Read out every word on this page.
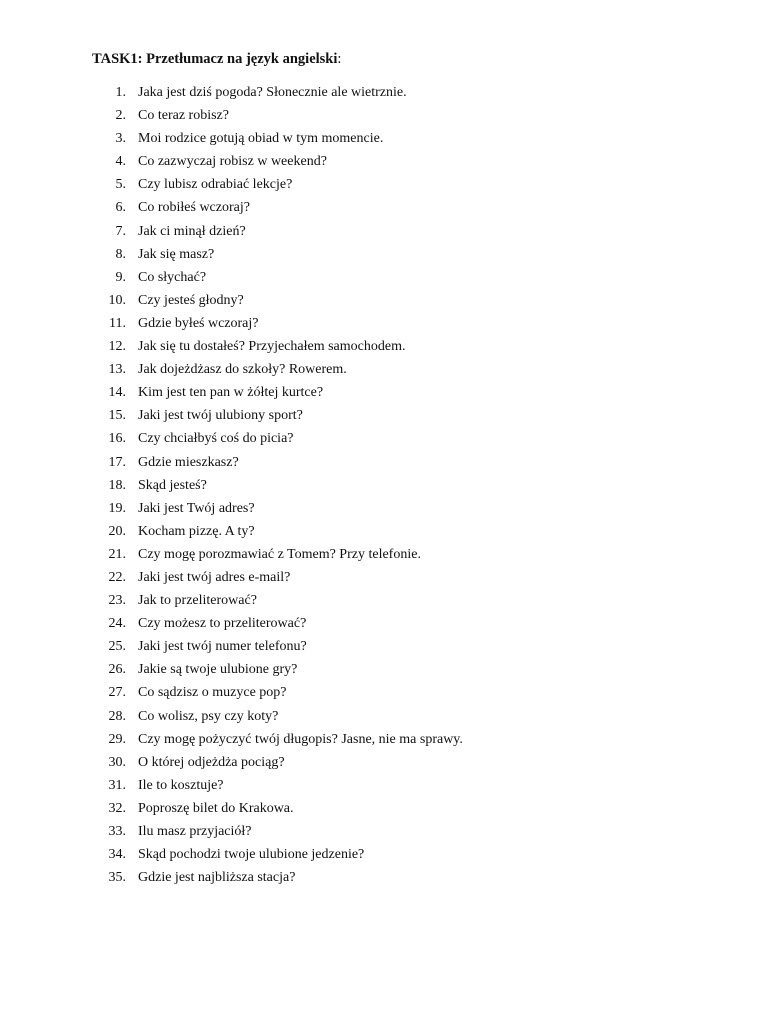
TASK1: Przetłumacz na język angielski:
1. Jaka jest dziś pogoda? Słonecznie ale wietrznie.
2. Co teraz robisz?
3. Moi rodzice gotują obiad w tym momencie.
4. Co zazwyczaj robisz w weekend?
5. Czy lubisz odrabiać lekcje?
6. Co robiłeś wczoraj?
7. Jak ci minął dzień?
8. Jak się masz?
9. Co słychać?
10. Czy jesteś głodny?
11. Gdzie byłeś wczoraj?
12. Jak się tu dostałeś? Przyjechałem samochodem.
13. Jak dojeżdżasz do szkoły? Rowerem.
14. Kim jest ten pan w żółtej kurtce?
15. Jaki jest twój ulubiony sport?
16. Czy chciałbyś coś do picia?
17. Gdzie mieszkasz?
18. Skąd jesteś?
19. Jaki jest Twój adres?
20. Kocham pizzę. A ty?
21. Czy mogę porozmawiać z Tomem? Przy telefonie.
22. Jaki jest twój adres e-mail?
23. Jak to przeliterować?
24. Czy możesz to przeliterować?
25. Jaki jest twój numer telefonu?
26. Jakie są twoje ulubione gry?
27. Co sądzisz o muzyce pop?
28. Co wolisz, psy czy koty?
29. Czy mogę pożyczyć twój długopis? Jasne, nie ma sprawy.
30. O której odjeżdża pociąg?
31. Ile to kosztuje?
32. Poproszę bilet do Krakowa.
33. Ilu masz przyjaciół?
34. Skąd pochodzi twoje ulubione jedzenie?
35. Gdzie jest najbliższa stacja?
